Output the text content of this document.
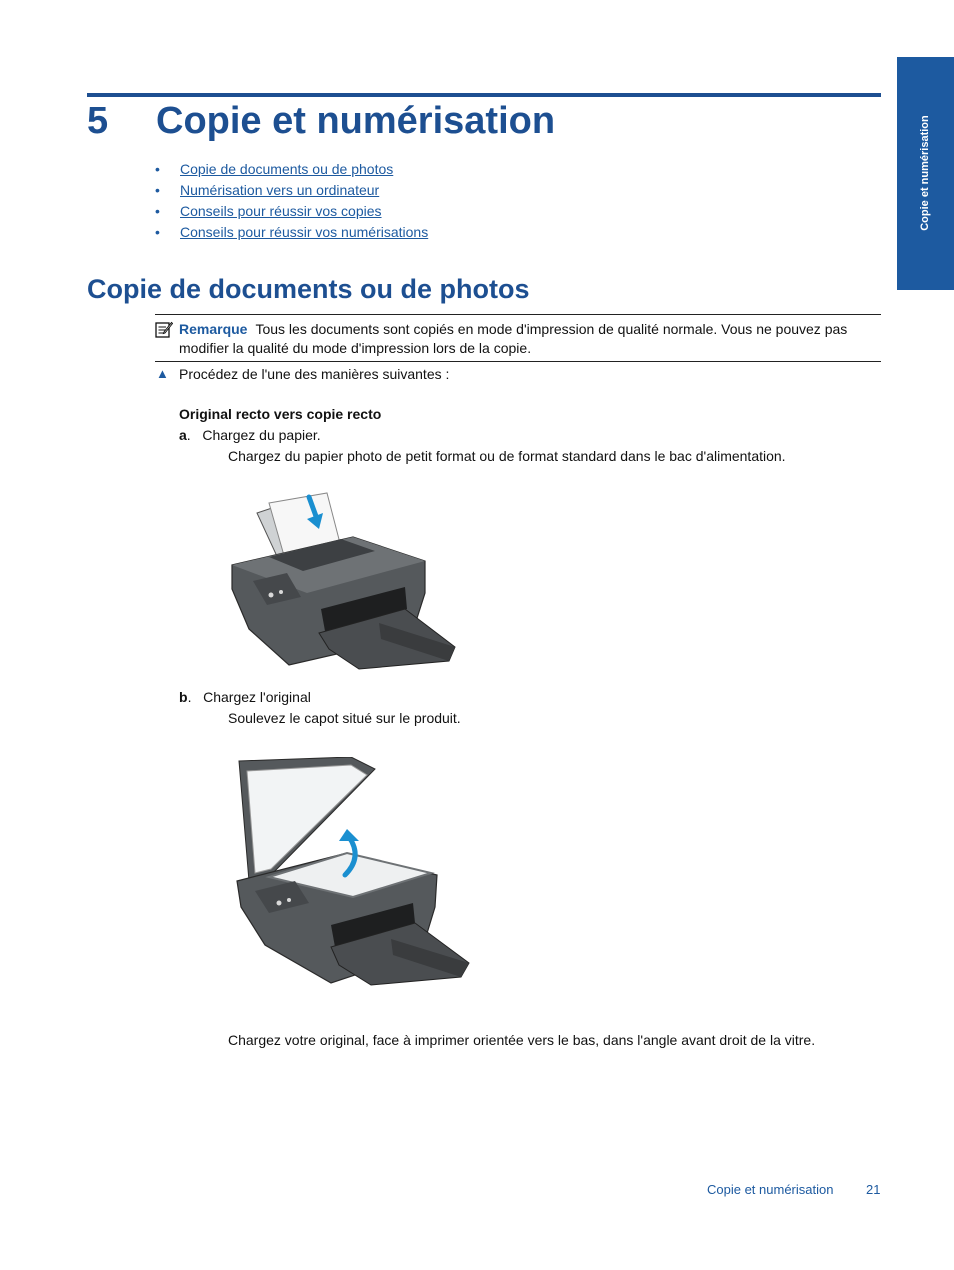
Copie et numérisation
5 Copie et numérisation
• Copie de documents ou de photos
• Numérisation vers un ordinateur
• Conseils pour réussir vos copies
• Conseils pour réussir vos numérisations
Copie de documents ou de photos

Remarque Tous les documents sont copiés en mode d'impression de qualité normale. Vous ne pouvez pas modifier la qualité du mode d'impression lors de la copie.

▲ Procédez de l'une des manières suivantes :
Original recto vers copie recto
a.   Chargez du papier.
Chargez du papier photo de petit format ou de format standard dans le bac d'alimentation.
b.   Chargez l'original
Soulevez le capot situé sur le produit.
Chargez votre original, face à imprimer orientée vers le bas, dans l'angle avant droit de la vitre.
Copie et numérisation	21
